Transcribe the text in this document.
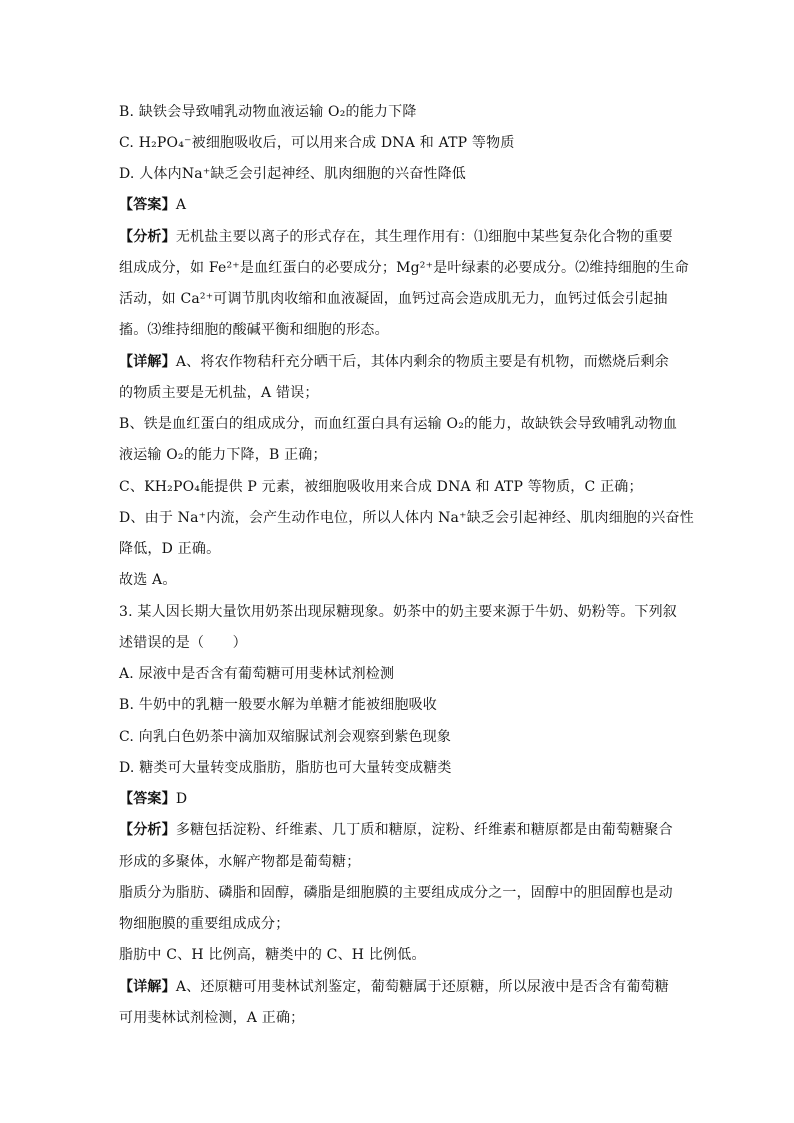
B. 缺铁会导致哺乳动物血液运输 O₂的能力下降
C. H₂PO₄⁻被细胞吸收后，可以用来合成 DNA 和 ATP 等物质
D. 人体内Na⁺缺乏会引起神经、肌肉细胞的兴奋性降低
【答案】A
【分析】无机盐主要以离子的形式存在，其生理作用有：⑴细胞中某些复杂化合物的重要
组成成分，如 Fe²⁺是血红蛋白的必要成分；Mg²⁺是叶绿素的必要成分。⑵维持细胞的生命
活动，如 Ca²⁺可调节肌肉收缩和血液凝固，血钙过高会造成肌无力，血钙过低会引起抽
搐。⑶维持细胞的酸碱平衡和细胞的形态。
【详解】A、将农作物秸秆充分晒干后，其体内剩余的物质主要是有机物，而燃烧后剩余
的物质主要是无机盐，A 错误；
B、铁是血红蛋白的组成成分，而血红蛋白具有运输 O₂的能力，故缺铁会导致哺乳动物血
液运输 O₂的能力下降，B 正确；
C、KH₂PO₄能提供 P 元素，被细胞吸收用来合成 DNA 和 ATP 等物质，C 正确；
D、由于 Na⁺内流，会产生动作电位，所以人体内 Na⁺缺乏会引起神经、肌肉细胞的兴奋性
降低，D 正确。
故选 A。
3. 某人因长期大量饮用奶茶出现尿糖现象。奶茶中的奶主要来源于牛奶、奶粉等。下列叙
述错误的是（　　）
A. 尿液中是否含有葡萄糖可用斐林试剂检测
B. 牛奶中的乳糖一般要水解为单糖才能被细胞吸收
C. 向乳白色奶茶中滴加双缩脲试剂会观察到紫色现象
D. 糖类可大量转变成脂肪，脂肪也可大量转变成糖类
【答案】D
【分析】多糖包括淀粉、纤维素、几丁质和糖原，淀粉、纤维素和糖原都是由葡萄糖聚合
形成的多聚体，水解产物都是葡萄糖；
脂质分为脂肪、磷脂和固醇，磷脂是细胞膜的主要组成成分之一，固醇中的胆固醇也是动
物细胞膜的重要组成成分；
脂肪中 C、H 比例高，糖类中的 C、H 比例低。
【详解】A、还原糖可用斐林试剂鉴定，葡萄糖属于还原糖，所以尿液中是否含有葡萄糖
可用斐林试剂检测，A 正确；
